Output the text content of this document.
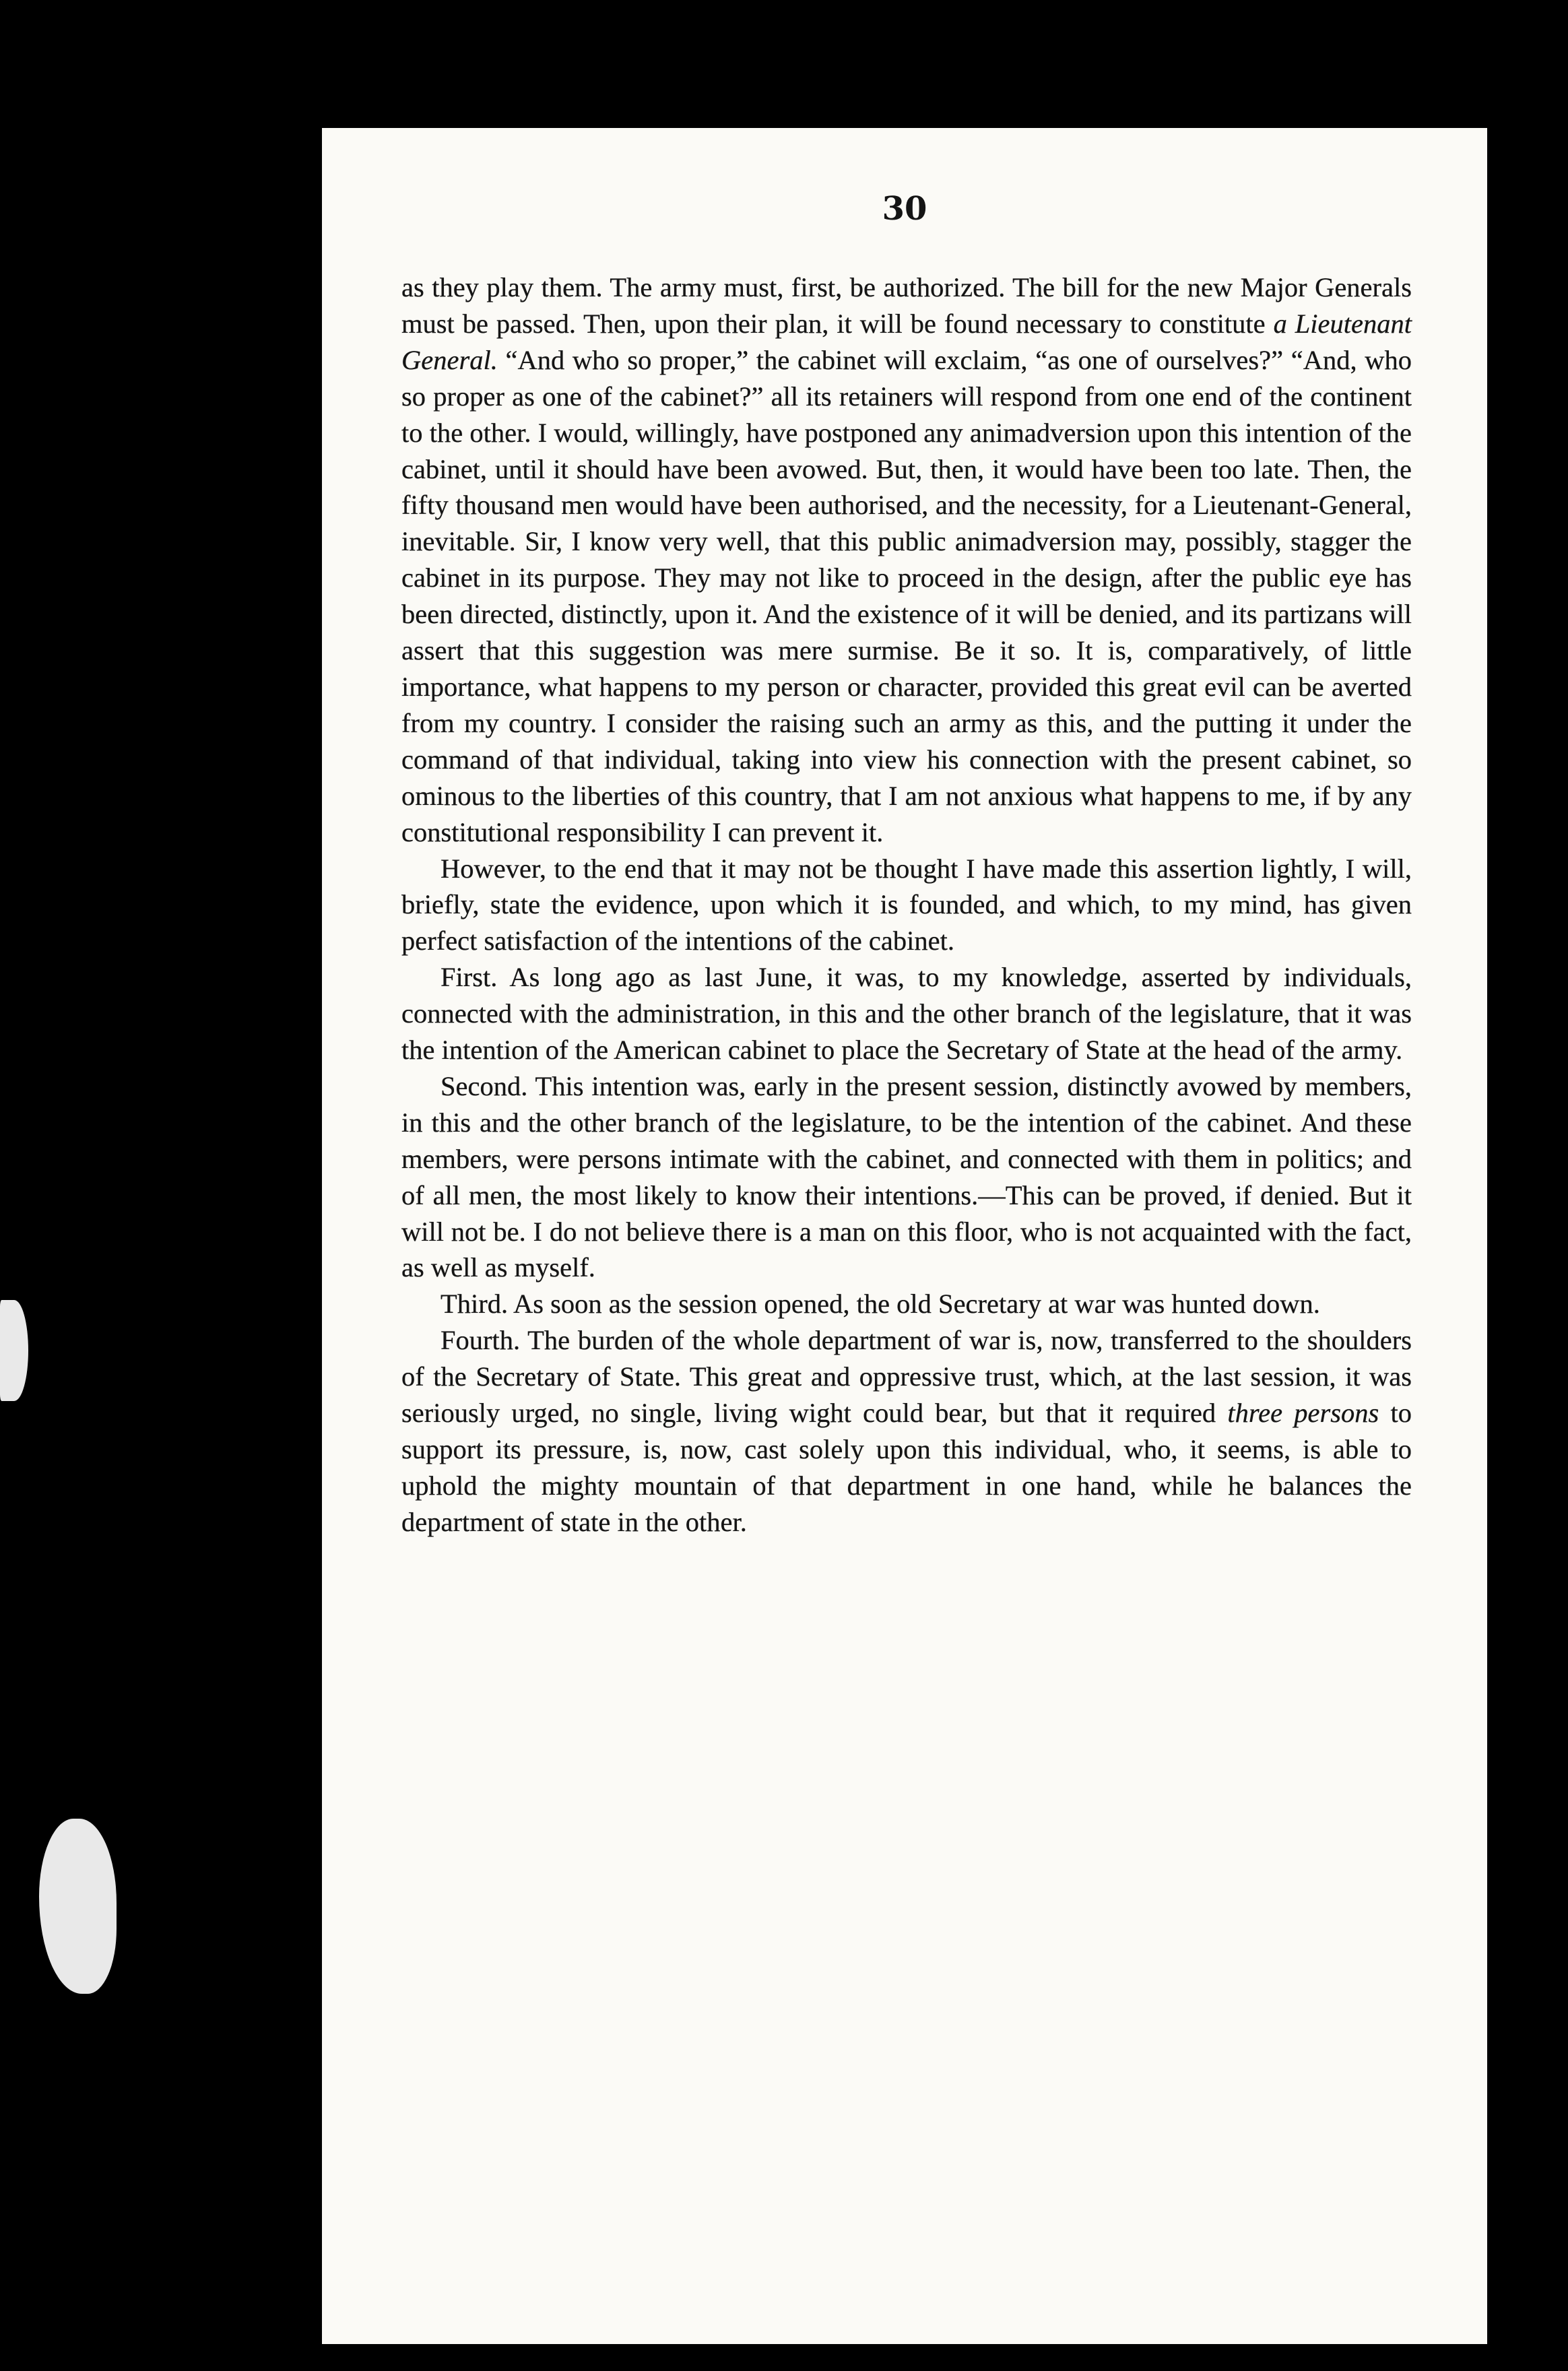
30

as they play them. The army must, first, be authorized. The bill for the new Major Generals must be passed. Then, upon their plan, it will be found necessary to constitute a Lieutenant General. “And who so proper,” the cabinet will exclaim, “as one of ourselves?” “And, who so proper as one of the cabinet?” all its retainers will respond from one end of the continent to the other. I would, willingly, have postponed any animadversion upon this intention of the cabinet, until it should have been avowed. But, then, it would have been too late. Then, the fifty thousand men would have been authorised, and the necessity, for a Lieutenant-General, inevitable. Sir, I know very well, that this public animadversion may, possibly, stagger the cabinet in its purpose. They may not like to proceed in the design, after the public eye has been directed, distinctly, upon it. And the existence of it will be denied, and its partizans will assert that this suggestion was mere surmise. Be it so. It is, comparatively, of little importance, what happens to my person or character, provided this great evil can be averted from my country. I consider the raising such an army as this, and the putting it under the command of that individual, taking into view his connection with the present cabinet, so ominous to the liberties of this country, that I am not anxious what happens to me, if by any constitutional responsibility I can prevent it.

However, to the end that it may not be thought I have made this assertion lightly, I will, briefly, state the evidence, upon which it is founded, and which, to my mind, has given perfect satisfaction of the intentions of the cabinet.

First. As long ago as last June, it was, to my knowledge, asserted by individuals, connected with the administration, in this and the other branch of the legislature, that it was the intention of the American cabinet to place the Secretary of State at the head of the army.

Second. This intention was, early in the present session, distinctly avowed by members, in this and the other branch of the legislature, to be the intention of the cabinet. And these members, were persons intimate with the cabinet, and connected with them in politics; and of all men, the most likely to know their intentions.—This can be proved, if denied. But it will not be. I do not believe there is a man on this floor, who is not acquainted with the fact, as well as myself.

Third. As soon as the session opened, the old Secretary at war was hunted down.

Fourth. The burden of the whole department of war is, now, transferred to the shoulders of the Secretary of State. This great and oppressive trust, which, at the last session, it was seriously urged, no single, living wight could bear, but that it required three persons to support its pressure, is, now, cast solely upon this individual, who, it seems, is able to uphold the mighty mountain of that department in one hand, while he balances the department of state in the other.
